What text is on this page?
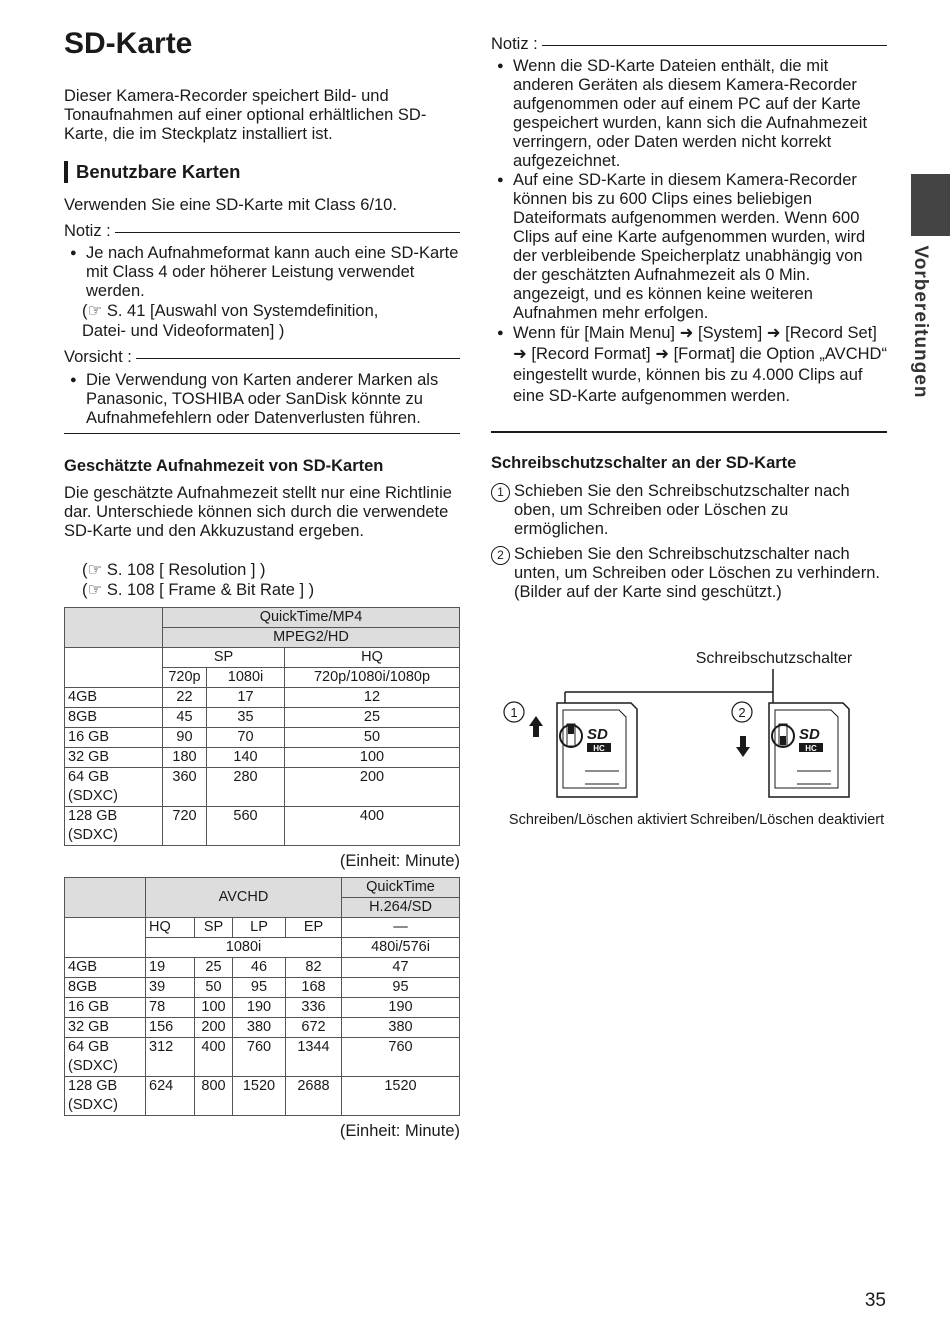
SD-Karte

Dieser Kamera-Recorder speichert Bild- und Tonaufnahmen auf einer optional erhältlichen SD-Karte, die im Steckplatz installiert ist.

Benutzbare Karten

Verwenden Sie eine SD-Karte mit Class 6/10.

Notiz :
● Je nach Aufnahmeformat kann auch eine SD-Karte mit Class 4 oder höherer Leistung verwendet werden.
(☞ S. 41 [Auswahl von Systemdefinition,
Datei- und Videoformaten] )
Vorsicht :
● Die Verwendung von Karten anderer Marken als Panasonic, TOSHIBA oder SanDisk könnte zu Aufnahmefehlern oder Datenverlusten führen.
Geschätzte Aufnahmezeit von SD-Karten

Die geschätzte Aufnahmezeit stellt nur eine Richtlinie dar. Unterschiede können sich durch die verwendete SD-Karte und den Akkuzustand ergeben.

(☞ S. 108 [ Resolution ] )
(☞ S. 108 [ Frame & Bit Rate ] )
	QuickTime/MP4		
	MPEG2/HD		
	SP		HQ
	720p	1080i	720p/1080i/1080p
4GB	22	17	12
8GB	45	35	25
16 GB	90	70	50
32 GB	180	140	100
64 GB
(SDXC)	360	280	200
128 GB
(SDXC)	720	560	400
(Einheit: Minute)
	AVCHD				QuickTime
					H.264/SD
	HQ	SP	LP	EP	—
	1080i				480i/576i
4GB	19	25	46	82	47
8GB	39	50	95	168	95
16 GB	78	100	190	336	190
32 GB	156	200	380	672	380
64 GB
(SDXC)	312	400	760	1344	760
128 GB
(SDXC)	624	800	1520	2688	1520
(Einheit: Minute)
Notiz :
● Wenn die SD-Karte Dateien enthält, die mit anderen Geräten als diesem Kamera-Recorder aufgenommen oder auf einem PC auf der Karte gespeichert wurden, kann sich die Aufnahmezeit verringern, oder Daten werden nicht korrekt aufgezeichnet.
● Auf eine SD-Karte in diesem Kamera-Recorder können bis zu 600 Clips eines beliebigen Dateiformats aufgenommen werden. Wenn 600 Clips auf eine Karte aufgenommen wurden, wird der verbleibende Speicherplatz unabhängig von der geschätzten Aufnahmezeit als 0 Min. angezeigt, und es können keine weiteren Aufnahmen mehr erfolgen.
● Wenn für [Main Menu] ➜ [System] ➜ [Record Set] ➜ [Record Format] ➜ [Format] die Option „AVCHD“ eingestellt wurde, können bis zu 4.000 Clips auf eine SD-Karte aufgenommen werden.
Schreibschutzschalter an der SD-Karte
1 Schieben Sie den Schreibschutzschalter nach oben, um Schreiben oder Löschen zu ermöglichen.
2 Schieben Sie den Schreibschutzschalter nach unten, um Schreiben oder Löschen zu verhindern. (Bilder auf der Karte sind geschützt.)
Schreibschutzschalter
SD
HC
1
SD
HC
2
Schreiben/Löschen aktiviert Schreiben/Löschen deaktiviert
Vorbereitungen
35
